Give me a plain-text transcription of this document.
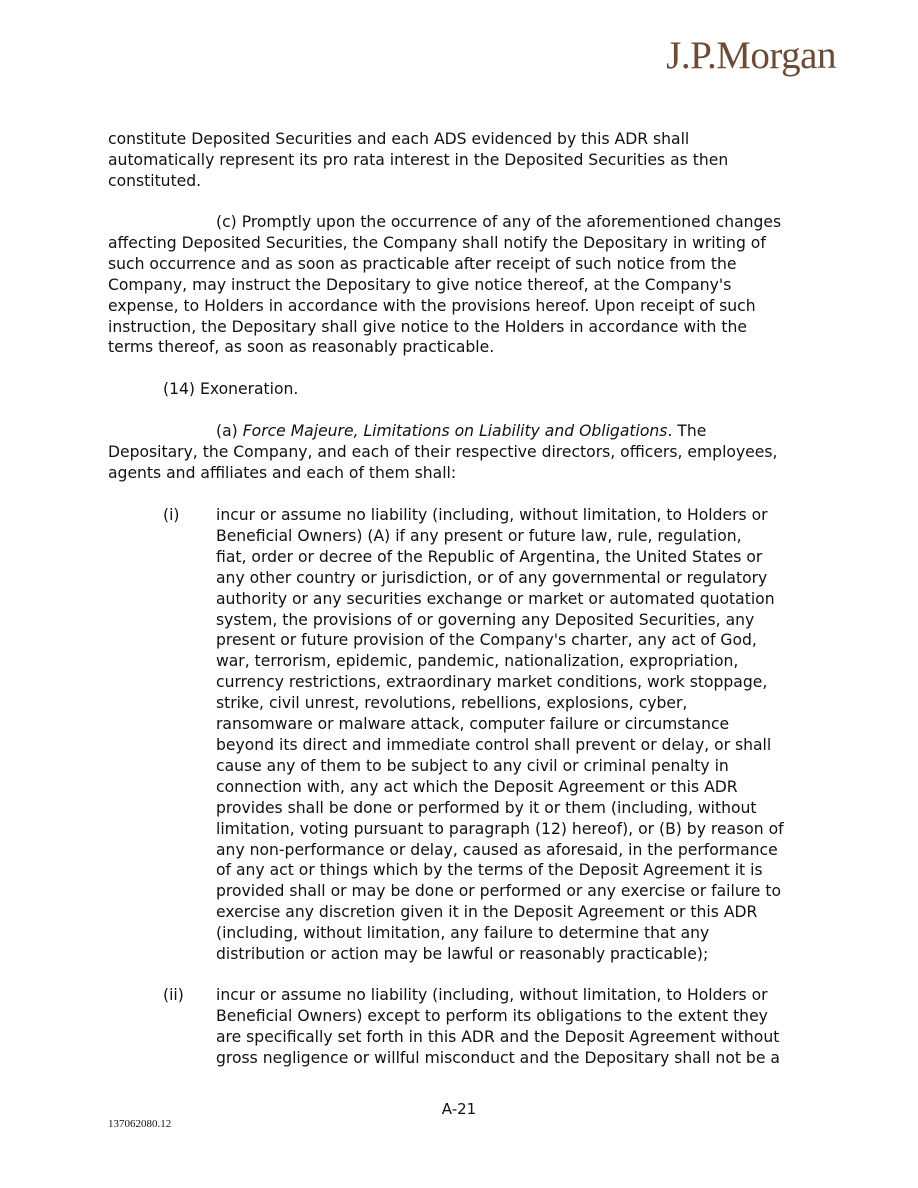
J.P.Morgan

constitute Deposited Securities and each ADS evidenced by this ADR shall
automatically represent its pro rata interest in the Deposited Securities as then
constituted.

(c) Promptly upon the occurrence of any of the aforementioned changes
affecting Deposited Securities, the Company shall notify the Depositary in writing of
such occurrence and as soon as practicable after receipt of such notice from the
Company, may instruct the Depositary to give notice thereof, at the Company's
expense, to Holders in accordance with the provisions hereof. Upon receipt of such
instruction, the Depositary shall give notice to the Holders in accordance with the
terms thereof, as soon as reasonably practicable.

(14) Exoneration.

(a) Force Majeure, Limitations on Liability and Obligations. The
Depositary, the Company, and each of their respective directors, officers, employees,
agents and affiliates and each of them shall:

(i) incur or assume no liability (including, without limitation, to Holders or
Beneficial Owners) (A) if any present or future law, rule, regulation,
fiat, order or decree of the Republic of Argentina, the United States or
any other country or jurisdiction, or of any governmental or regulatory
authority or any securities exchange or market or automated quotation
system, the provisions of or governing any Deposited Securities, any
present or future provision of the Company's charter, any act of God,
war, terrorism, epidemic, pandemic, nationalization, expropriation,
currency restrictions, extraordinary market conditions, work stoppage,
strike, civil unrest, revolutions, rebellions, explosions, cyber,
ransomware or malware attack, computer failure or circumstance
beyond its direct and immediate control shall prevent or delay, or shall
cause any of them to be subject to any civil or criminal penalty in
connection with, any act which the Deposit Agreement or this ADR
provides shall be done or performed by it or them (including, without
limitation, voting pursuant to paragraph (12) hereof), or (B) by reason of
any non-performance or delay, caused as aforesaid, in the performance
of any act or things which by the terms of the Deposit Agreement it is
provided shall or may be done or performed or any exercise or failure to
exercise any discretion given it in the Deposit Agreement or this ADR
(including, without limitation, any failure to determine that any
distribution or action may be lawful or reasonably practicable);

(ii) incur or assume no liability (including, without limitation, to Holders or
Beneficial Owners) except to perform its obligations to the extent they
are specifically set forth in this ADR and the Deposit Agreement without
gross negligence or willful misconduct and the Depositary shall not be a

A-21
137062080.12
